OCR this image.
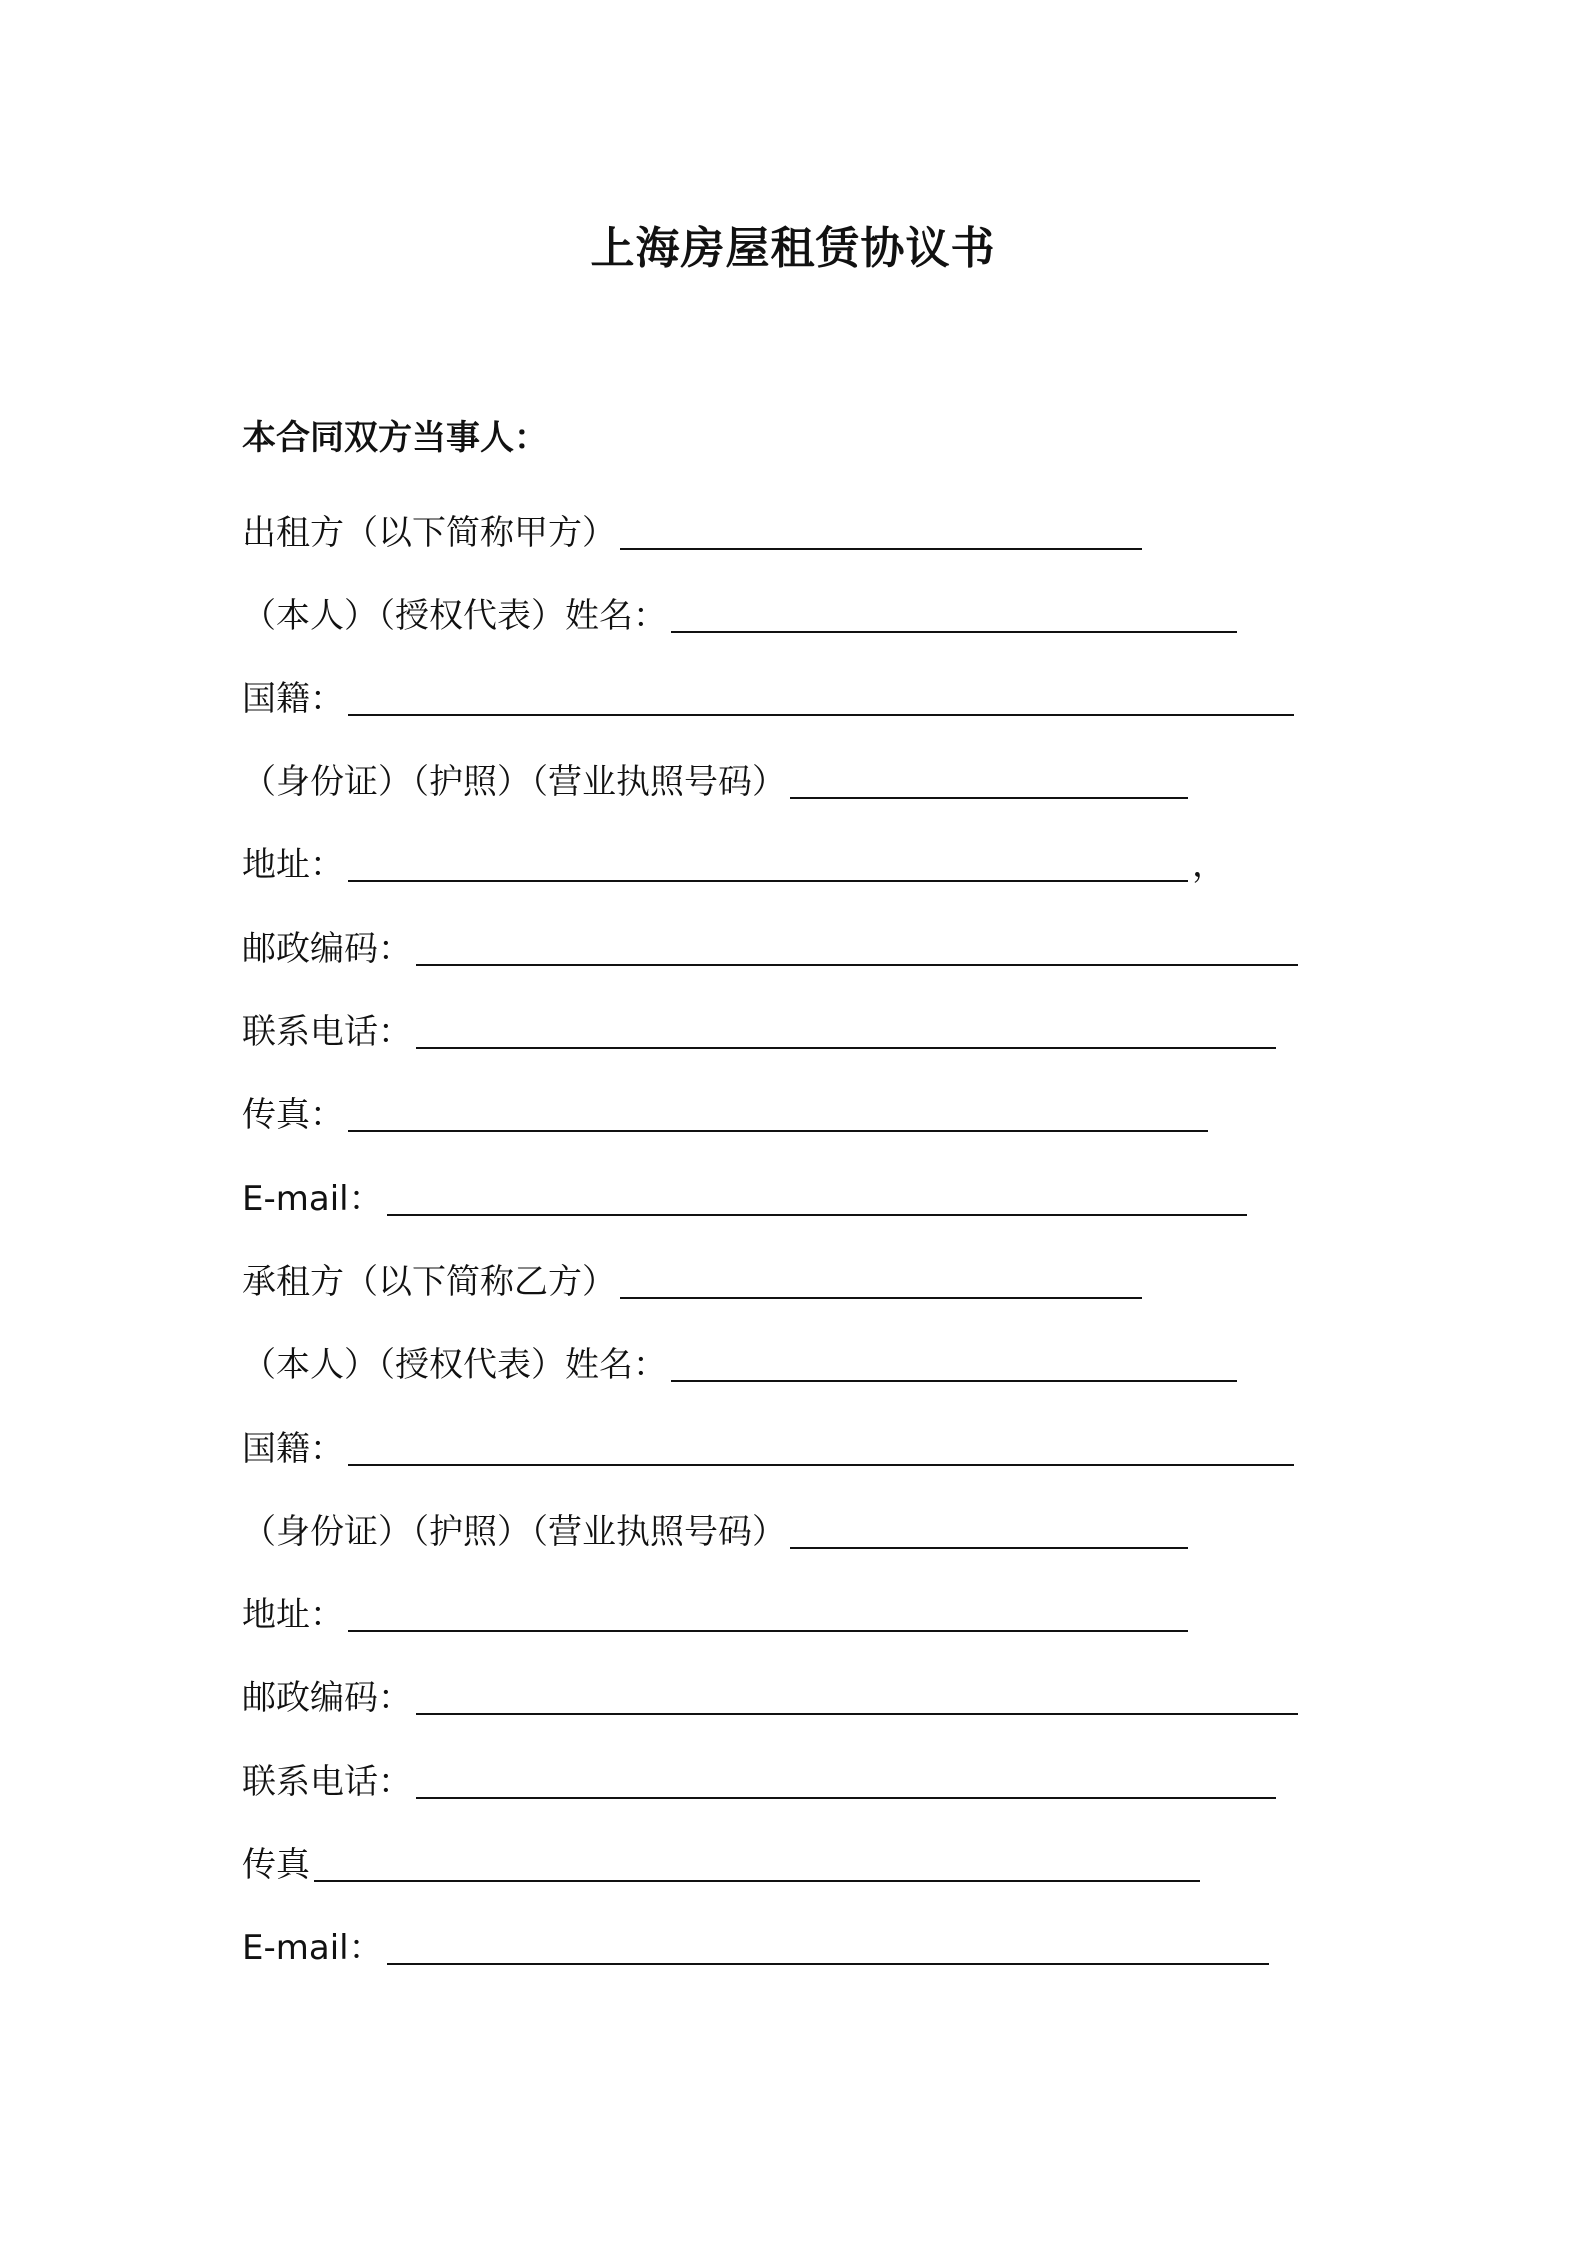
上海房屋租赁协议书
本合同双方当事人：
出租方（以下简称甲方）
（本人）（授权代表）姓名：
国籍：
（身份证）（护照）（营业执照号码）
地址：	，
邮政编码：
联系电话：
传真：
E-mail：
承租方（以下简称乙方）
（本人）（授权代表）姓名：
国籍：
（身份证）（护照）（营业执照号码）
地址：
邮政编码：
联系电话：
传真
E-mail：
